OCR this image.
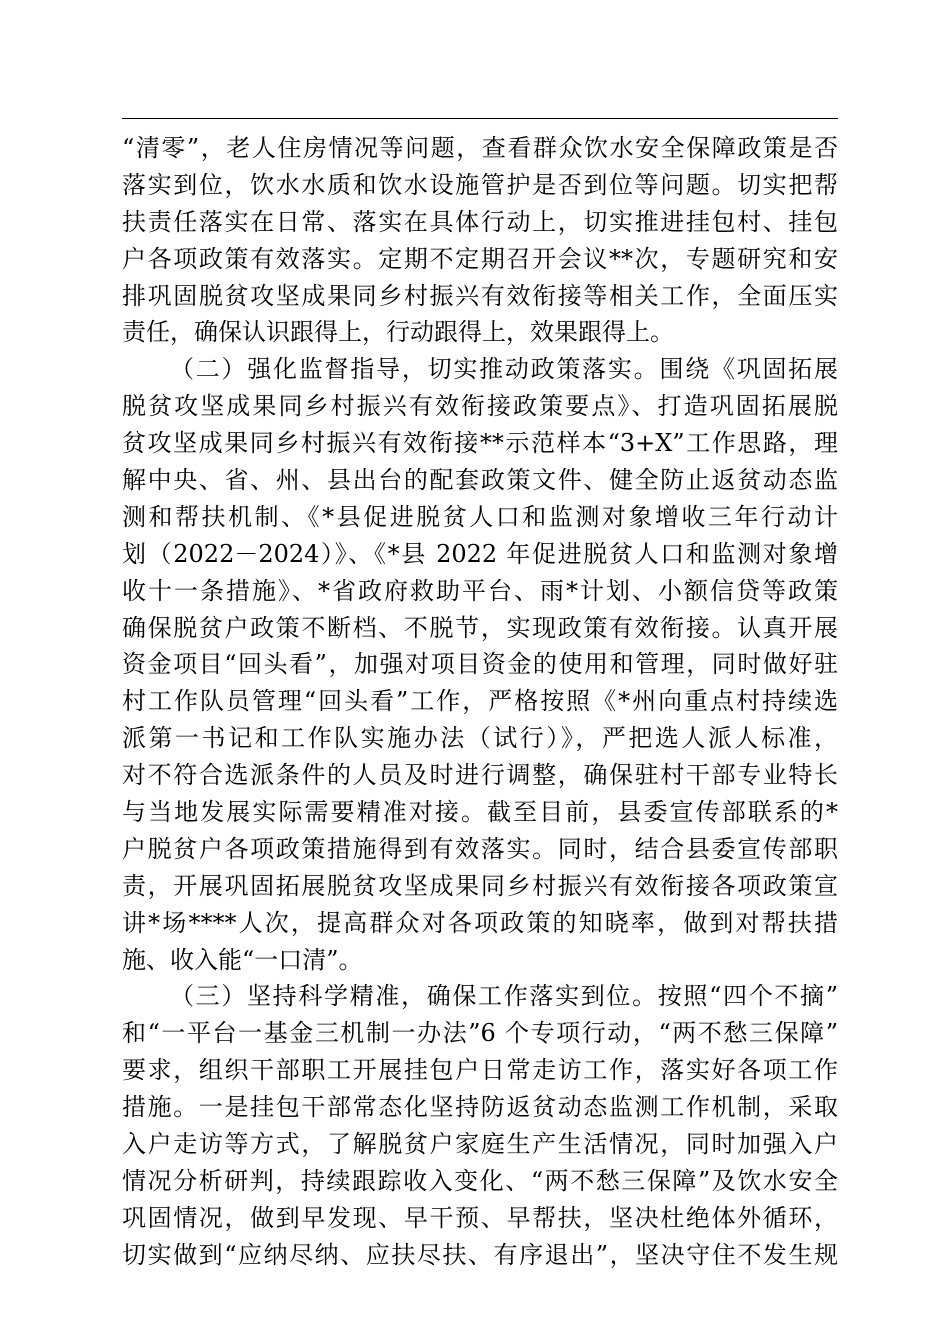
“清零”，老人住房情况等问题，查看群众饮水安全保障政策是否
落实到位，饮水水质和饮水设施管护是否到位等问题。切实把帮
扶责任落实在日常、落实在具体行动上，切实推进挂包村、挂包
户各项政策有效落实。定期不定期召开会议**次，专题研究和安
排巩固脱贫攻坚成果同乡村振兴有效衔接等相关工作，全面压实
责任，确保认识跟得上，行动跟得上，效果跟得上。
（二）强化监督指导，切实推动政策落实。围绕《巩固拓展
脱贫攻坚成果同乡村振兴有效衔接政策要点》、打造巩固拓展脱
贫攻坚成果同乡村振兴有效衔接**示范样本“3+X”工作思路，理
解中央、省、州、县出台的配套政策文件、健全防止返贫动态监
测和帮扶机制、《*县促进脱贫人口和监测对象增收三年行动计
划（2022－2024）》、《*县 2022 年促进脱贫人口和监测对象增
收十一条措施》、*省政府救助平台、雨*计划、小额信贷等政策
确保脱贫户政策不断档、不脱节，实现政策有效衔接。认真开展
资金项目“回头看”，加强对项目资金的使用和管理，同时做好驻
村工作队员管理“回头看”工作，严格按照《*州向重点村持续选
派第一书记和工作队实施办法（试行）》，严把选人派人标准，
对不符合选派条件的人员及时进行调整，确保驻村干部专业特长
与当地发展实际需要精准对接。截至目前，县委宣传部联系的*
户脱贫户各项政策措施得到有效落实。同时，结合县委宣传部职
责，开展巩固拓展脱贫攻坚成果同乡村振兴有效衔接各项政策宣
讲*场****人次，提高群众对各项政策的知晓率，做到对帮扶措
施、收入能“一口清”。
（三）坚持科学精准，确保工作落实到位。按照“四个不摘”
和“一平台一基金三机制一办法”6 个专项行动，“两不愁三保障”
要求，组织干部职工开展挂包户日常走访工作，落实好各项工作
措施。一是挂包干部常态化坚持防返贫动态监测工作机制，采取
入户走访等方式，了解脱贫户家庭生产生活情况，同时加强入户
情况分析研判，持续跟踪收入变化、“两不愁三保障”及饮水安全
巩固情况，做到早发现、早干预、早帮扶，坚决杜绝体外循环，
切实做到“应纳尽纳、应扶尽扶、有序退出”，坚决守住不发生规
